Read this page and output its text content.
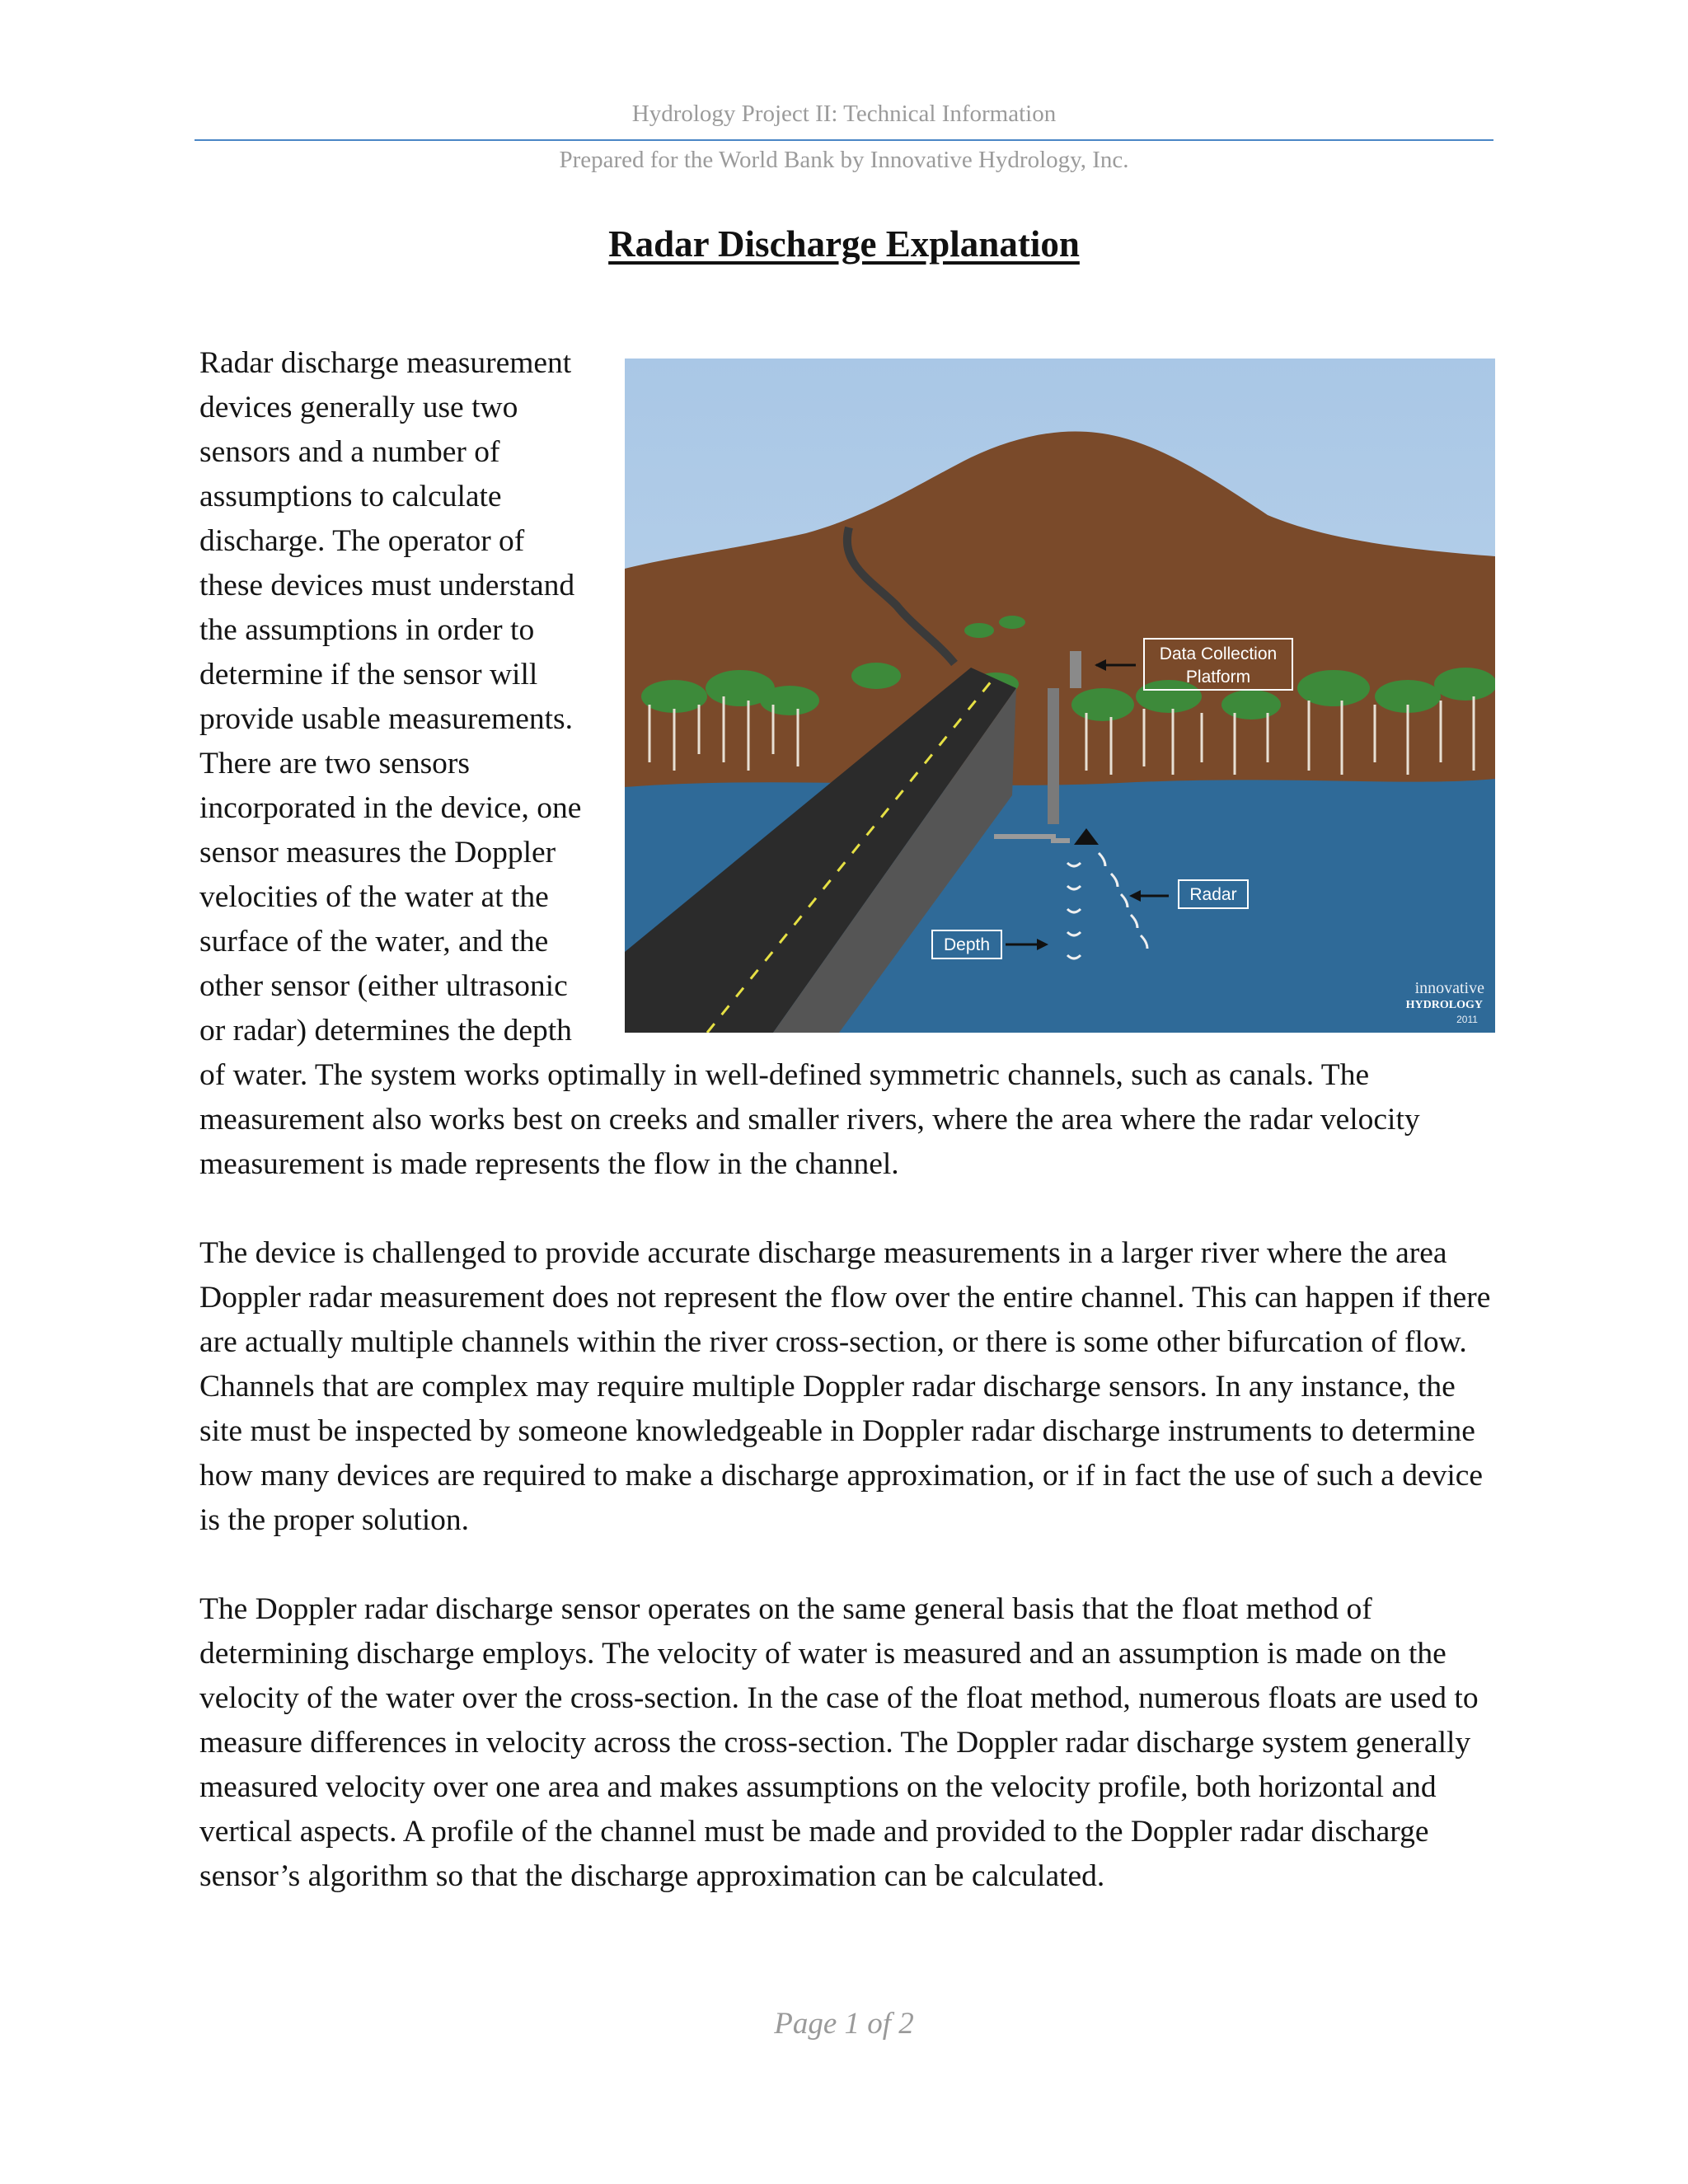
Hydrology Project II: Technical Information
Prepared for the World Bank by Innovative Hydrology, Inc.
Radar Discharge Explanation
Data Collection
Platform
Radar
Depth
innovative
HYDROLOGY
2011

Radar discharge measurement devices generally use two sensors and a number of assumptions to calculate discharge. The operator of these devices must understand the assumptions in order to determine if the sensor will provide usable measurements. There are two sensors incorporated in the device, one sensor measures the Doppler velocities of the water at the surface of the water, and the other sensor (either ultrasonic or radar) determines the depth of water. The system works optimally in well-defined symmetric channels, such as canals. The measurement also works best on creeks and smaller rivers, where the area where the radar velocity measurement is made represents the flow in the channel.

The device is challenged to provide accurate discharge measurements in a larger river where the area Doppler radar measurement does not represent the flow over the entire channel. This can happen if there are actually multiple channels within the river cross-section, or there is some other bifurcation of flow. Channels that are complex may require multiple Doppler radar discharge sensors. In any instance, the site must be inspected by someone knowledgeable in Doppler radar discharge instruments to determine how many devices are required to make a discharge approximation, or if in fact the use of such a device is the proper solution.

The Doppler radar discharge sensor operates on the same general basis that the float method of determining discharge employs. The velocity of water is measured and an assumption is made on the velocity of the water over the cross-section. In the case of the float method, numerous floats are used to measure differences in velocity across the cross-section. The Doppler radar discharge system generally measured velocity over one area and makes assumptions on the velocity profile, both horizontal and vertical aspects. A profile of the channel must be made and provided to the Doppler radar discharge sensor’s algorithm so that the discharge approximation can be calculated.

Page 1 of 2
